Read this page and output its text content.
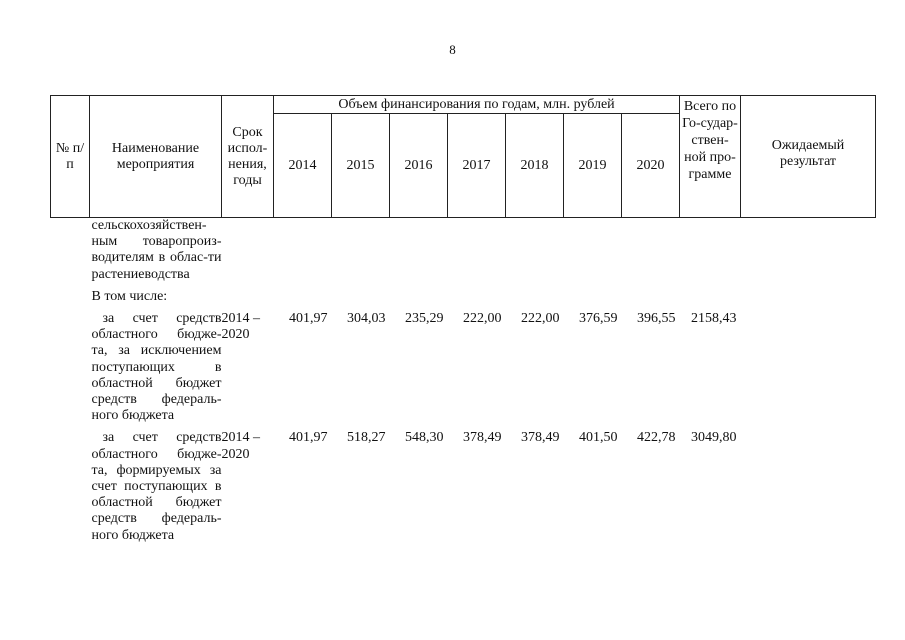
8
№ п/п	Наименование мероприятия	Срок испол-нения, годы	Объем финансирования по годам, млн. рублей							Всего по Го-судар-ствен-ной про-грамме	Ожидаемый результат
			2014	2015	2016	2017	2018	2019	2020		
	сельскохозяйствен-ным товаропроиз-водителям в облас-ти растениеводства										

	В том числе:										

	за счет средств областного бюдже-та, за исключением поступающих в областной бюджет средств федераль-ного бюджета	2014 – 2020	401,97	304,03	235,29	222,00	222,00	376,59	396,55	2158,43	

	за счет средств областного бюдже-та, формируемых за счет поступающих в областной бюджет средств федераль-ного бюджета	2014 – 2020	401,97	518,27	548,30	378,49	378,49	401,50	422,78	3049,80	
